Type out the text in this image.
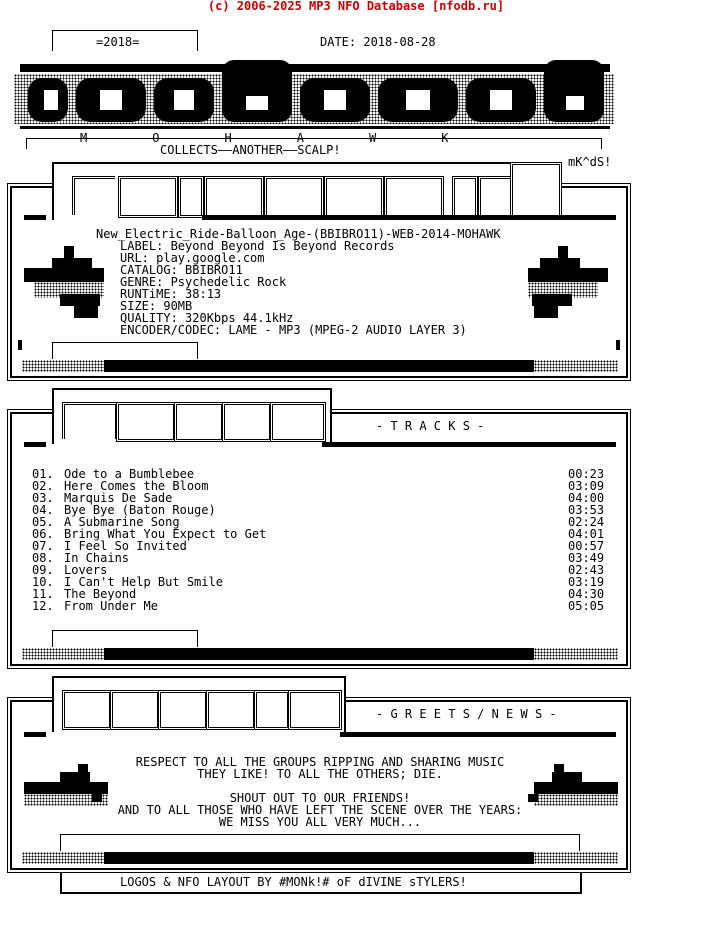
(c) 2006-2025 MP3 NFO Database [nfodb.ru]
=2018=	DATE: 2018-08-28
M         O         H         A         W         K
COLLECTS——ANOTHER——SCALP!
mK^dS!
New_Electric_Ride-Balloon_Age-(BBIBRO11)-WEB-2014-MOHAWK
LABEL: Beyond Beyond Is Beyond Records
URL: play.google.com
CATALOG: BBIBRO11
GENRE: Psychedelic Rock
RUNTiME: 38:13
SIZE: 90MB
QUALITY: 320Kbps 44.1kHz
ENCODER/CODEC: LAME - MP3 (MPEG-2 AUDIO LAYER 3)
- T R A C K S -
01. Ode to a Bumblebee	00:23
02. Here Comes the Bloom	03:09
03. Marquis De Sade	04:00
04. Bye Bye (Baton Rouge)	03:53
05. A Submarine Song	02:24
06. Bring What You Expect to Get	04:01
07. I Feel So Invited	00:57
08. In Chains	03:49
09. Lovers	02:43
10. I Can't Help But Smile	03:19
11. The Beyond	04:30
12. From Under Me	05:05
- G R E E T S / N E W S -
RESPECT TO ALL THE GROUPS RIPPING AND SHARING MUSIC
THEY LIKE! TO ALL THE OTHERS; DIE.
SHOUT OUT TO OUR FRIENDS!
AND TO ALL THOSE WHO HAVE LEFT THE SCENE OVER THE YEARS:
WE MISS YOU ALL VERY MUCH...
LOGOS & NFO LAYOUT BY #MONk!# oF dIVINE sTYLERS!
